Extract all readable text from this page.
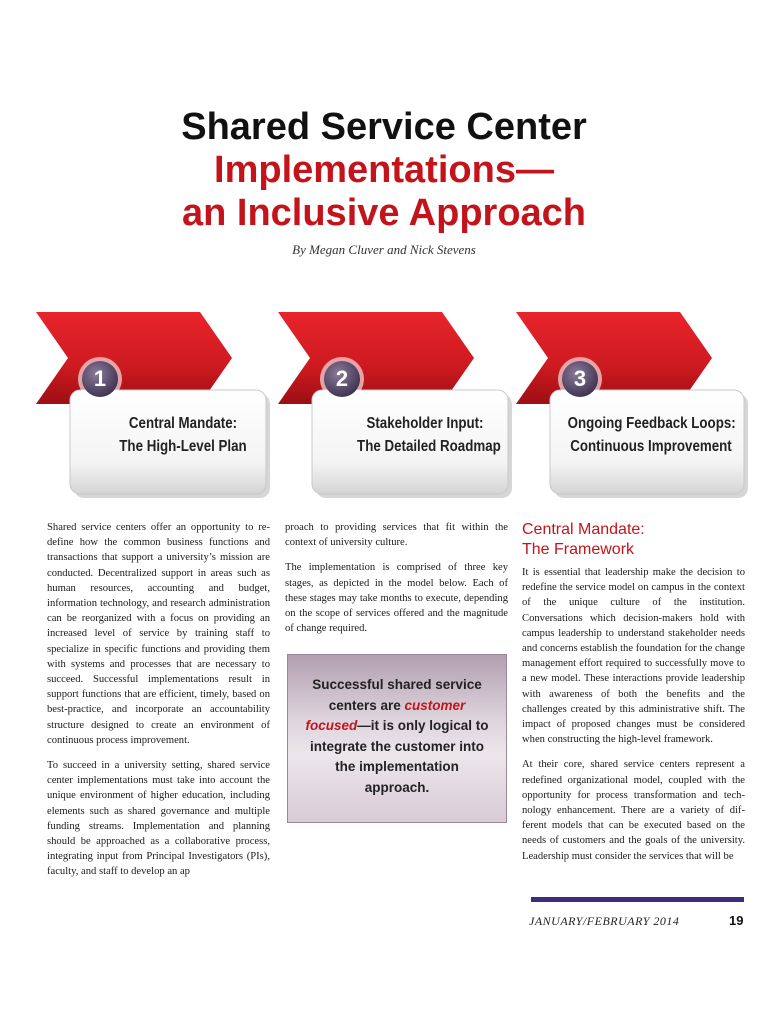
Shared Service Center
Implementations—
an Inclusive Approach
By Megan Cluver and Nick Stevens
1
Central Mandate:
The High-Level Plan
2
Stakeholder Input:
The Detailed Roadmap
3
Ongoing Feedback Loops:
Continuous Improvement

Shared service centers offer an opportunity to redefine how the common business functions and transactions that support a university’s mission are conducted. Decentralized support in areas such as human resources, accounting and budget, information technology, and research administration can be reorganized with a focus on providing an increased level of service by training staff to specialize in specific functions and providing them with systems and processes that are necessary to succeed. Successful implementations result in support functions that are efficient, timely, based on best-practice, and incorporate an accountability structure designed to create an environment of continuous process improvement.

To succeed in a university setting, shared service center implementations must take into account the unique environment of higher education, including elements such as shared governance and multiple funding streams. Implementation and planning should be approached as a collaborative process, integrating input from Principal Investigators (PIs), faculty, and staff to develop an ap

proach to providing services that fit within the context of university culture.

The implementation is comprised of three key stages, as depicted in the model below. Each of these stages may take months to execute, depending on the scope of services offered and the magnitude of change required.

Successful shared service centers are customer focused—it is only logical to integrate the customer into the implementation approach.
Central Mandate:
The Framework

It is essential that leadership make the decision to redefine the service model on campus in the context of the unique culture of the institution. Conversations which decision-makers hold with campus leadership to understand stakeholder needs and concerns establish the foundation for the change management effort required to successfully move to a new model. These interactions provide leadership with awareness of both the benefits and the challenges created by this administrative shift. The impact of proposed changes must be considered when constructing the high-level framework.

At their core, shared service centers represent a redefined organizational model, coupled with the opportunity for process transformation and technology enhancement. There are a variety of different models that can be executed based on the needs of customers and the goals of the university. Leadership must consider the services that will be

JANUARY/FEBRUARY 2014	19
